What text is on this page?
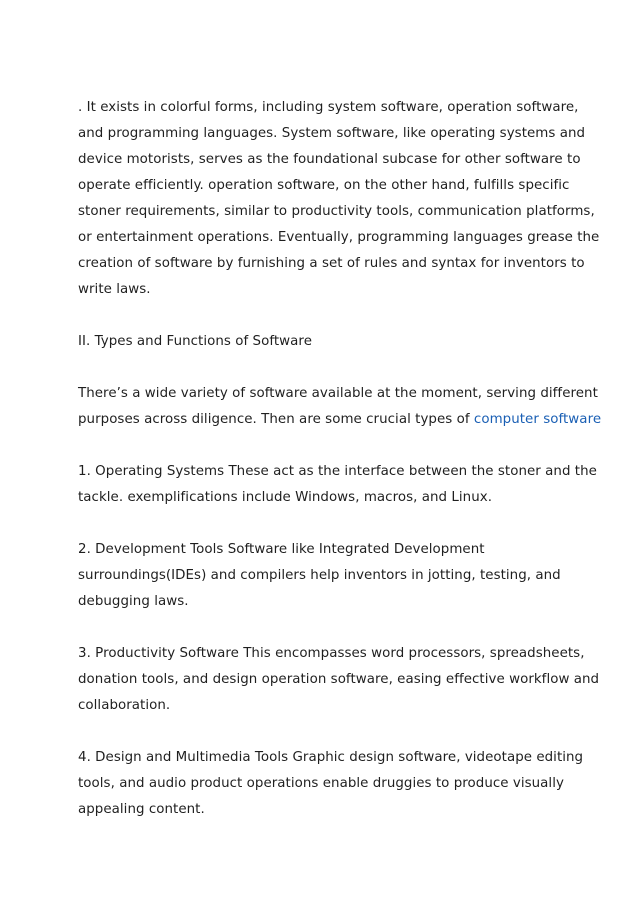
. It exists in colorful forms, including system software, operation software,
and programming languages. System software, like operating systems and
device motorists, serves as the foundational subcase for other software to
operate efficiently. operation software, on the other hand, fulfills specific
stoner requirements, similar to productivity tools, communication platforms,
or entertainment operations. Eventually, programming languages grease the
creation of software by furnishing a set of rules and syntax for inventors to
write laws.

II. Types and Functions of Software

There’s a wide variety of software available at the moment, serving different
purposes across diligence. Then are some crucial types of computer software

1. Operating Systems These act as the interface between the stoner and the
tackle. exemplifications include Windows, macros, and Linux.

2. Development Tools Software like Integrated Development
surroundings(IDEs) and compilers help inventors in jotting, testing, and
debugging laws.

3. Productivity Software This encompasses word processors, spreadsheets,
donation tools, and design operation software, easing effective workflow and
collaboration.

4. Design and Multimedia Tools Graphic design software, videotape editing
tools, and audio product operations enable druggies to produce visually
appealing content.
